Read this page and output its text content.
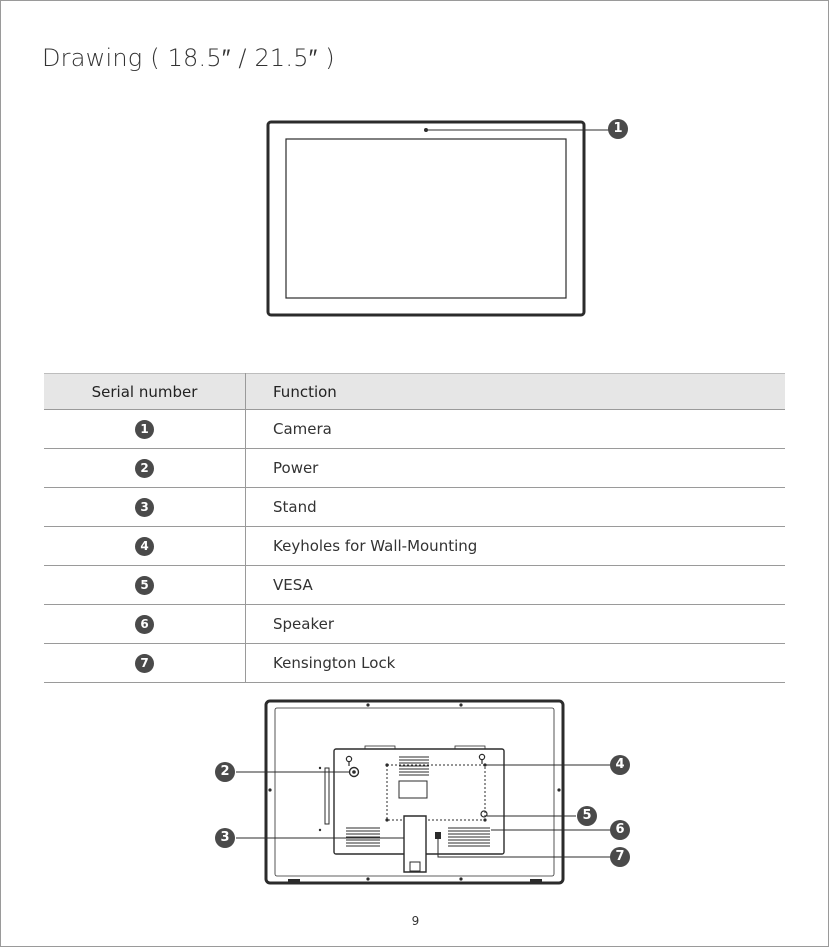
Drawing ( 18.5″ / 21.5″ )
1
Serial number	Function
1	Camera
2	Power
3	Stand
4	Keyholes for Wall-Mounting
5	VESA
6	Speaker
7	Kensington Lock
2
3
4
5
6
7
9
